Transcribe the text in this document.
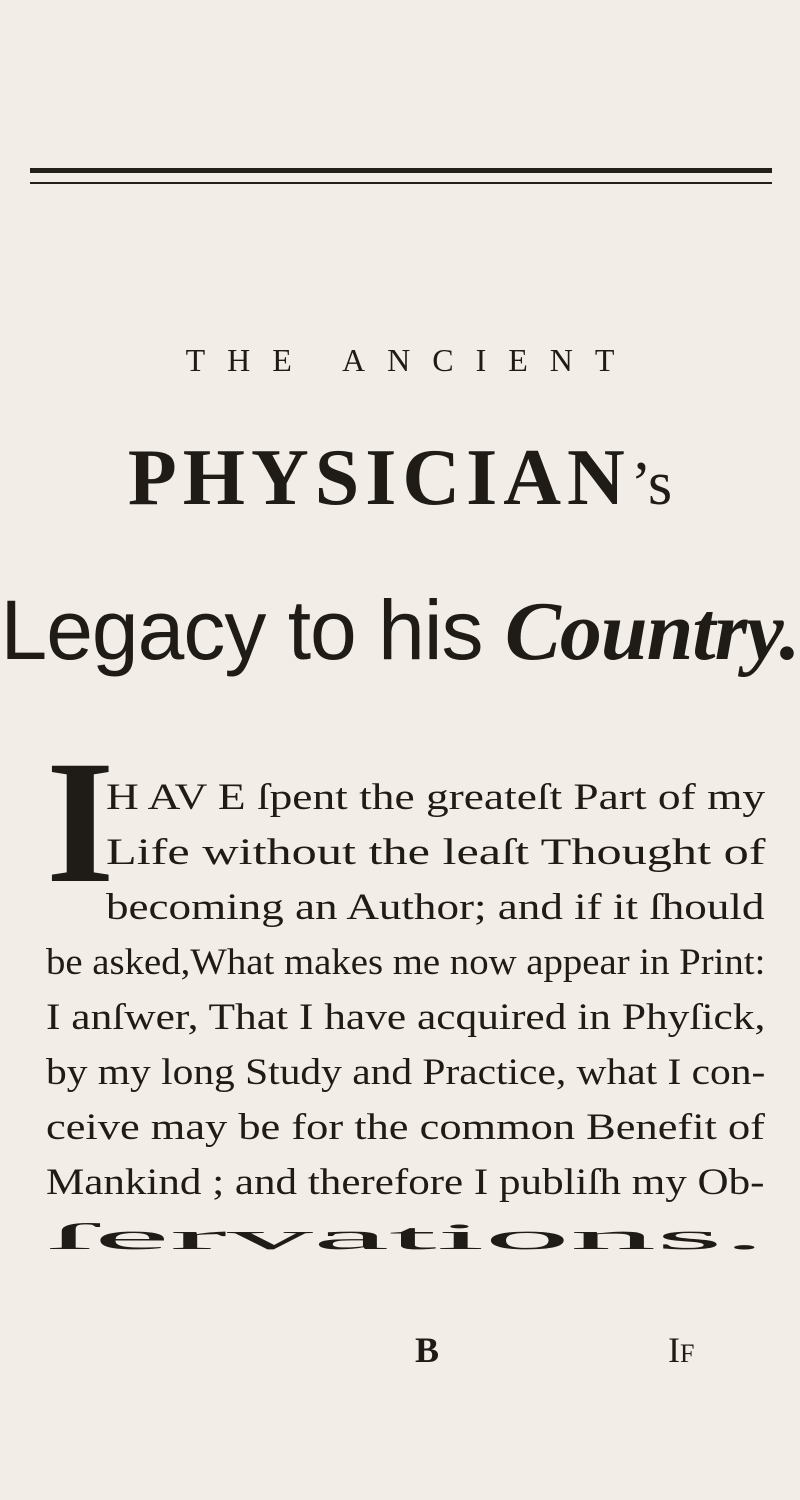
THE ANCIENT
PHYSICIAN’s
Legacy to his Country.
I
H AV E ſpent the greateſt Part of my
Life without the leaſt Thought of
becoming an Author; and if it ſhould
be asked,What makes me now appear in Print:
I anſwer, That I have acquired in Phyſick,
by my long Study and Practice, what I con-
ceive may be for the common Benefit of
Mankind ; and therefore I publiſh my Ob-
ſervations.
B	IF
